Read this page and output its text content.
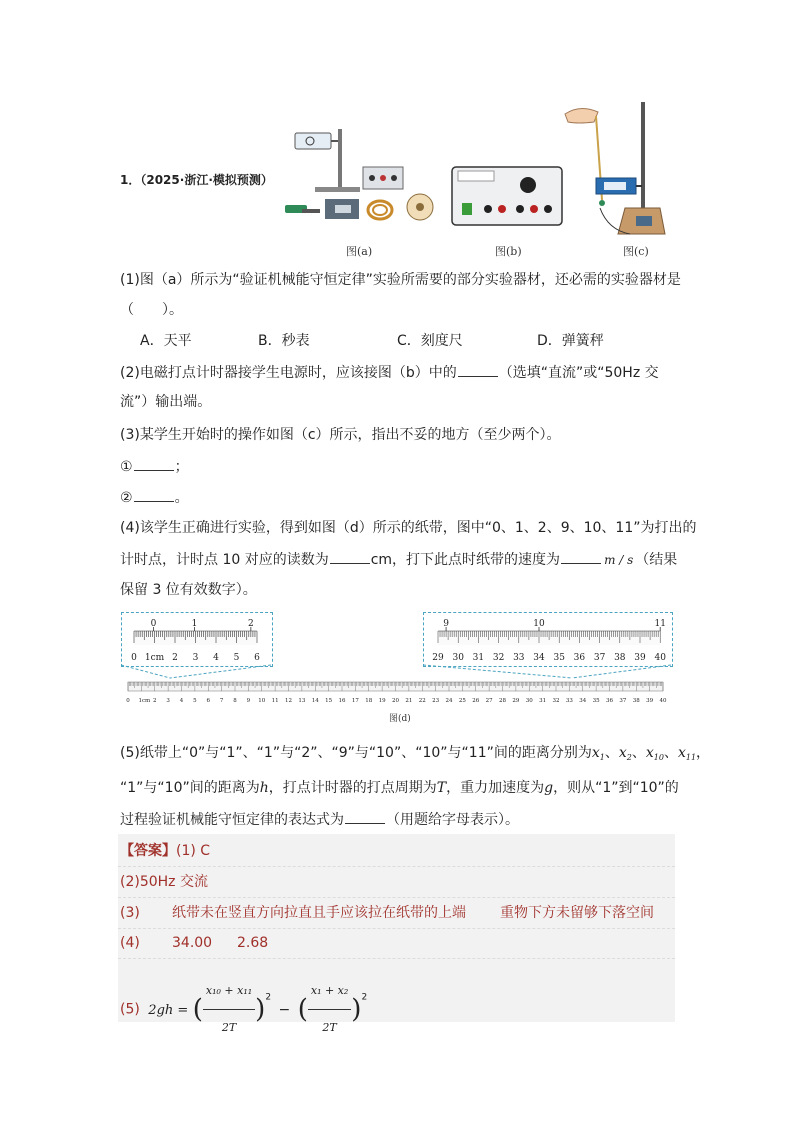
图(a)	图(b)	图(c)
1．（2025·浙江·模拟预测）
(1)图（a）所示为“验证机械能守恒定律”实验所需要的部分实验器材，还必需的实验器材是
（　　）。
A．天平	B．秒表	C．刻度尺	D．弹簧秤
(2)电磁打点计时器接学生电源时，应该接图（b）中的	（选填“直流”或“50Hz 交
流”）输出端。
(3)某学生开始时的操作如图（c）所示，指出不妥的地方（至少两个）。
①	；
②	。
(4)该学生正确进行实验，得到如图（d）所示的纸带，图中“0、1、2、9、10、11”为打出的
计时点，计时点 10 对应的读数为	cm，打下此点时纸带的速度为	m / s （结果
保留 3 位有效数字）。
0 1cm 2 3 4 5 6
0	1	2
29 30 31 32 33 34 35 36 37 38 39 40
9	10	11
0 1cm 2 3 4 5 6 7 8 9 10 11 12 13 14 15 16 17 18 19 20 21 22 23 24 25 26 27 28 29 30 31 32 33 34 35 36 37 38 39 40
图(d)
(5)纸带上“0”与“1”、“1”与“2”、“9”与“10”、“10”与“11”间的距离分别为$x_1$、$x_2$、$x_{10}$、$x_{11}$，
“1”与“10”间的距离为h，打点计时器的打点周期为T，重力加速度为g，则从“1”到“10”的
过程验证机械能守恒定律的表达式为	（用题给字母表示）。
【答案】(1) C
(2)50Hz 交流
(3) 纸带未在竖直方向拉直且手应该拉在纸带的上端 重物下方未留够下落空间
(4) 34.00 2.68
(5) 2gh = ( $\frac{\text{x₁₀ + x₁₁}}{2T} )^2$ − ( $\frac{\text{x₁ + x₂}}{2T} )^2$
